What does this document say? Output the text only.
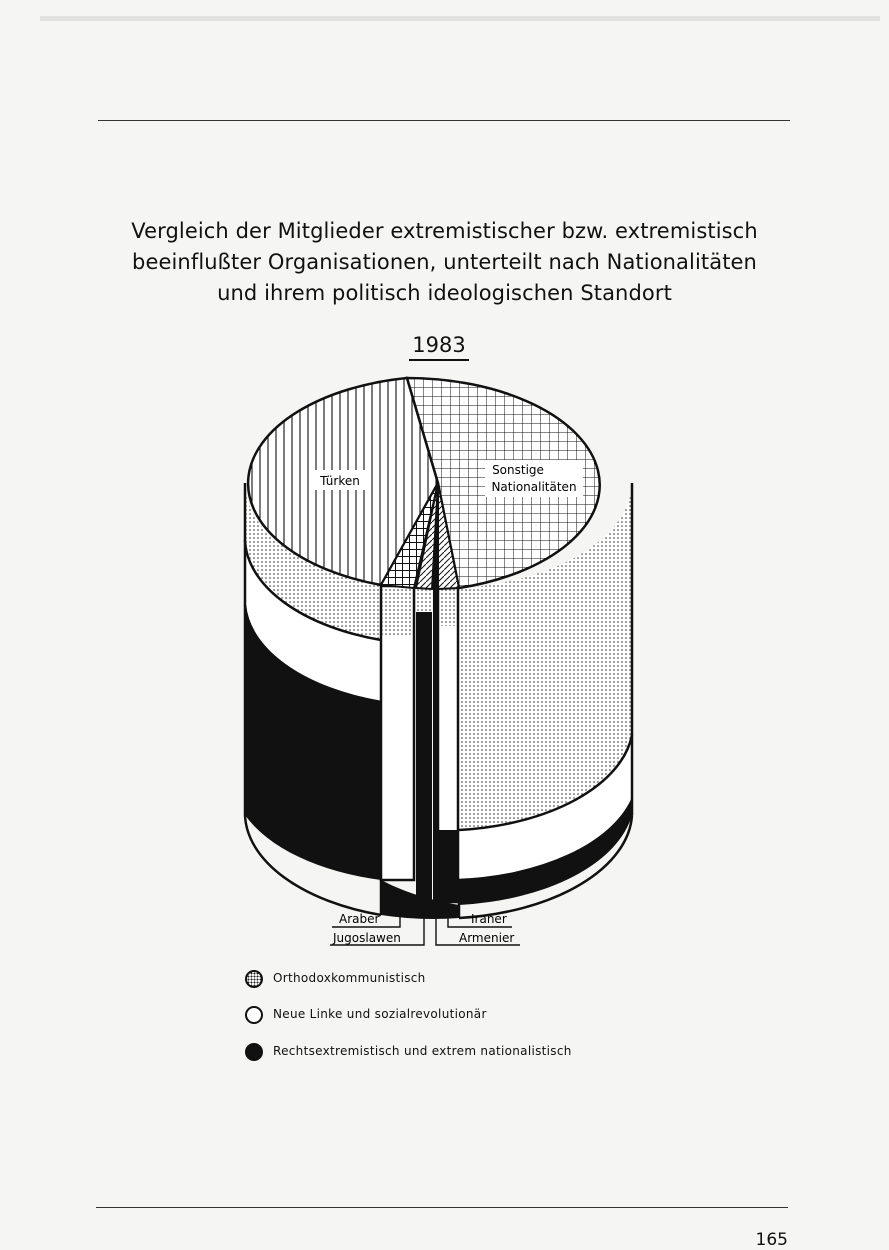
Vergleich der Mitglieder extremistischer bzw. extremistisch
beeinflußter Organisationen, unterteilt nach Nationalitäten
und ihrem politisch ideologischen Standort
1983
Türken
Sonstige
Nationalitäten
Araber
Jugoslawen
Iraner
Armenier
Orthodoxkommunistisch
Neue Linke und sozialrevolutionär
Rechtsextremistisch und extrem nationalistisch
165
